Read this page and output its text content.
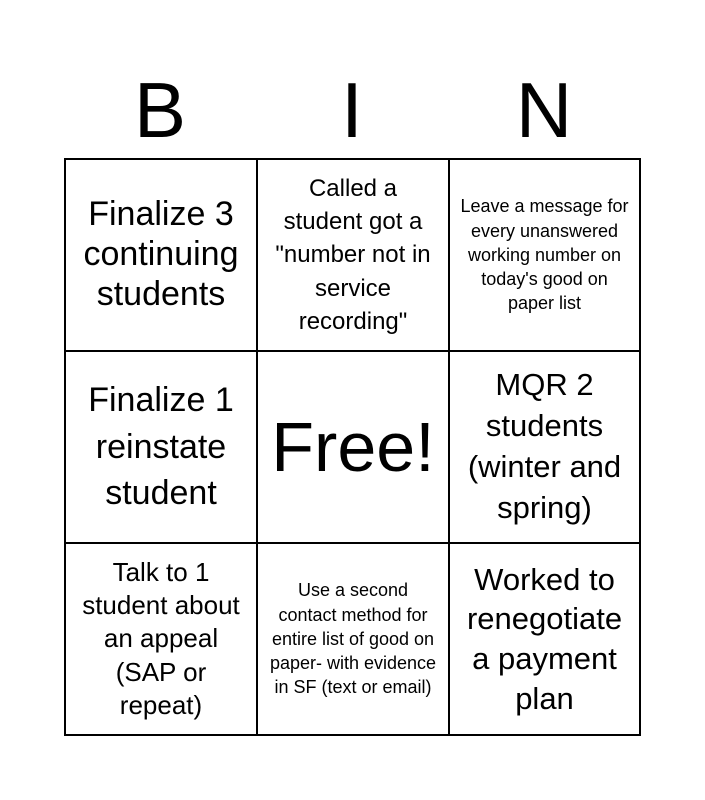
B	I	N
Finalize 3 continuing students
Called a student got a "number not in service recording"
Leave a message for every unanswered working number on today's good on paper list
Finalize 1 reinstate student
Free!
MQR 2 students (winter and spring)
Talk to 1 student about an appeal (SAP or repeat)
Use a second contact method for entire list of good on paper- with evidence in SF (text or email)
Worked to renegotiate a payment plan
